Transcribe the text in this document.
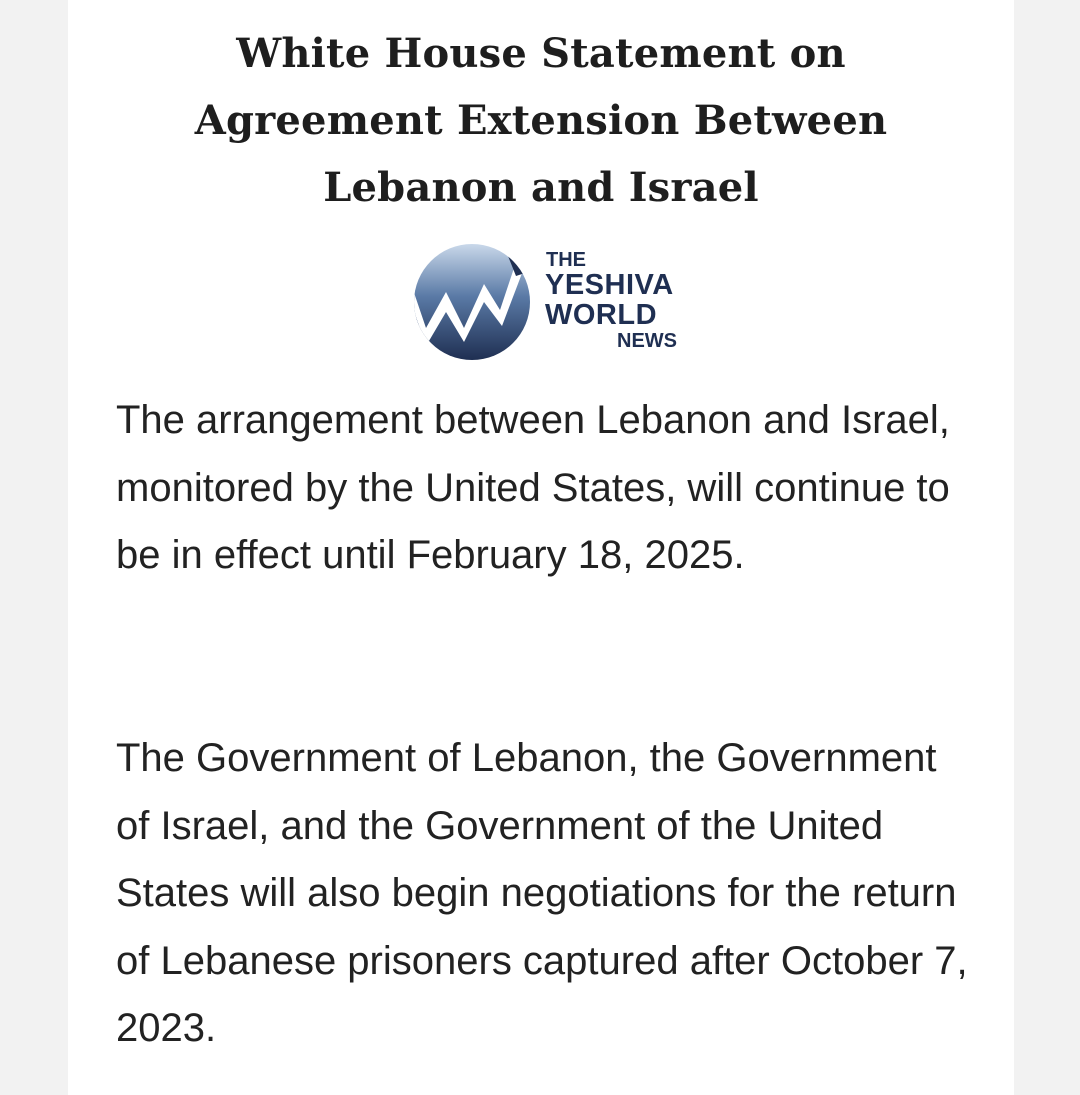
White House Statement on
Agreement Extension Between
Lebanon and Israel
THE
YESHIVA
WORLD
NEWS

The arrangement between Lebanon and Israel, monitored by the United States, will continue to be in effect until February 18, 2025.

The Government of Lebanon, the Government of Israel, and the Government of the United States will also begin negotiations for the return of Lebanese prisoners captured after October 7, 2023.
